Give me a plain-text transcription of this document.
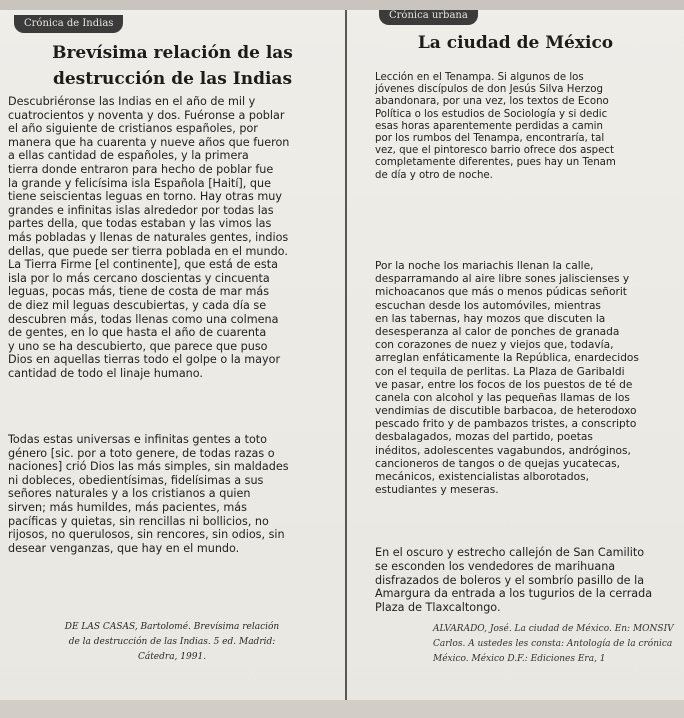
Crónica de Indias
Brevísima relación de las
destrucción de las Indias
Descubriéronse las Indias en el año de mil y
cuatrocientos y noventa y dos. Fuéronse a poblar
el año siguiente de cristianos españoles, por
manera que ha cuarenta y nueve años que fueron
a ellas cantidad de españoles, y la primera
tierra donde entraron para hecho de poblar fue
la grande y felicísima isla Española [Haití], que
tiene seiscientas leguas en torno. Hay otras muy
grandes e infinitas islas alrededor por todas las
partes della, que todas estaban y las vimos las
más pobladas y llenas de naturales gentes, indios
dellas, que puede ser tierra poblada en el mundo.
La Tierra Firme [el continente], que está de esta
isla por lo más cercano doscientas y cincuenta
leguas, pocas más, tiene de costa de mar más
de diez mil leguas descubiertas, y cada día se
descubren más, todas llenas como una colmena
de gentes, en lo que hasta el año de cuarenta
y uno se ha descubierto, que parece que puso
Dios en aquellas tierras todo el golpe o la mayor
cantidad de todo el linaje humano.
Todas estas universas e infinitas gentes a toto
género [sic. por a toto genere, de todas razas o
naciones] crió Dios las más simples, sin maldades
ni dobleces, obedientísimas, fidelísimas a sus
señores naturales y a los cristianos a quien
sirven; más humildes, más pacientes, más
pacíficas y quietas, sin rencillas ni bollicios, no
rijosos, no querulosos, sin rencores, sin odios, sin
desear venganzas, que hay en el mundo.
DE LAS CASAS, Bartolomé. Brevísima relación
de la destrucción de las Indias. 5 ed. Madrid:
Cátedra, 1991.
Crónica urbana
La ciudad de México
Lección en el Tenampa. Si algunos de los
jóvenes discípulos de don Jesús Silva Herzog
abandonara, por una vez, los textos de Econo
Política o los estudios de Sociología y si dedic
esas horas aparentemente perdidas a camin
por los rumbos del Tenampa, encontraría, tal
vez, que el pintoresco barrio ofrece dos aspect
completamente diferentes, pues hay un Tenam
de día y otro de noche.
Por la noche los mariachis llenan la calle,
desparramando al aire libre sones jaliscienses y
michoacanos que más o menos púdicas señorit
escuchan desde los automóviles, mientras
en las tabernas, hay mozos que discuten la
desesperanza al calor de ponches de granada
con corazones de nuez y viejos que, todavía,
arreglan enfáticamente la República, enardecidos
con el tequila de perlitas. La Plaza de Garibaldi
ve pasar, entre los focos de los puestos de té de
canela con alcohol y las pequeñas llamas de los
vendimias de discutible barbacoa, de heterodoxo
pescado frito y de pambazos tristes, a conscripto
desbalagados, mozas del partido, poetas
inéditos, adolescentes vagabundos, andróginos,
cancioneros de tangos o de quejas yucatecas,
mecánicos, existencialistas alborotados,
estudiantes y meseras.
En el oscuro y estrecho callejón de San Camilito
se esconden los vendedores de marihuana
disfrazados de boleros y el sombrío pasillo de la
Amargura da entrada a los tugurios de la cerrada
Plaza de Tlaxcaltongo.
ALVARADO, José. La ciudad de México. En: MONSIV
Carlos. A ustedes les consta: Antología de la crónica
México. México D.F.: Ediciones Era, 1
